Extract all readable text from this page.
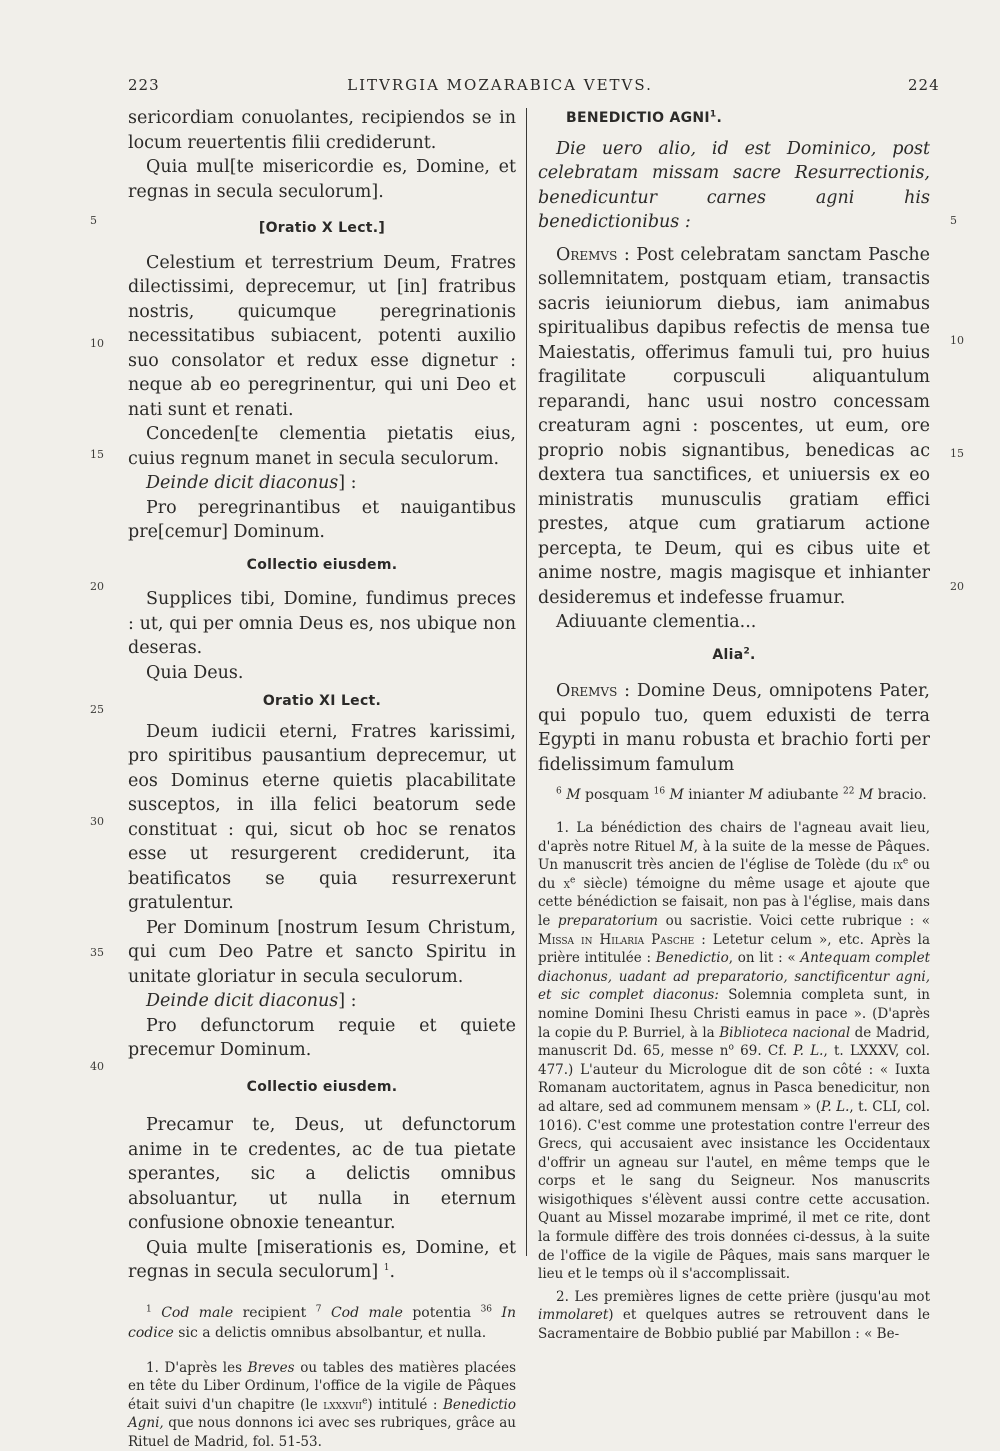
223	LITVRGIA MOZARABICA VETVS.	224
5
10
15
20
25
30
35
40
5
10
15
20

sericordiam conuolantes, recipiendos se in locum reuertentis filii crediderunt.

Quia mul[te misericordie es, Domine, et regnas in secula seculorum].

[Oratio X Lect.]

Celestium et terrestrium Deum, Fratres dilectissimi, deprecemur, ut [in] fratribus nostris, quicumque peregrinationis necessitatibus subiacent, potenti auxilio suo consolator et redux esse dignetur : neque ab eo peregrinentur, qui uni Deo et nati sunt et renati.

Conceden[te clementia pietatis eius, cuius regnum manet in secula seculorum.

Deinde dicit diaconus] :

Pro peregrinantibus et nauigantibus pre[cemur] Dominum.

Collectio eiusdem.

Supplices tibi, Domine, fundimus preces : ut, qui per omnia Deus es, nos ubique non deseras.

Quia Deus.

Oratio XI Lect.

Deum iudicii eterni, Fratres karissimi, pro spiritibus pausantium deprecemur, ut eos Dominus eterne quietis placabilitate susceptos, in illa felici beatorum sede constituat : qui, sicut ob hoc se renatos esse ut resurgerent crediderunt, ita beatificatos se quia resurrexerunt gratulentur.

Per Dominum [nostrum Iesum Christum, qui cum Deo Patre et sancto Spiritu in unitate gloriatur in secula seculorum.

Deinde dicit diaconus] :

Pro defunctorum requie et quiete precemur Dominum.

Collectio eiusdem.

Precamur te, Deus, ut defunctorum anime in te credentes, ac de tua pietate sperantes, sic a delictis omnibus absoluantur, ut nulla in eternum confusione obnoxie teneantur.

Quia multe [miserationis es, Domine, et regnas in secula seculorum] $^1$.

$^1$ Cod male recipient $^7$ Cod male potentia $^{36}$ In codice sic a delictis omnibus absolbantur, et nulla.

1. D'après les Breves ou tables des matières placées en tête du Liber Ordinum, l'office de la vigile de Pâques était suivi d'un chapitre (le lxxxvii$^e$) intitulé : Benedictio Agni, que nous donnons ici avec ses rubriques, grâce au Rituel de Madrid, fol. 51-53.

BENEDICTIO AGNI$^1$.

Die uero alio, id est Dominico, post celebratam missam sacre Resurrectionis, benedicuntur carnes agni his benedictionibus :

Oremvs : Post celebratam sanctam Pasche sollemnitatem, postquam etiam, transactis sacris ieiuniorum diebus, iam animabus spiritualibus dapibus refectis de mensa tue Maiestatis, offerimus famuli tui, pro huius fragilitate corpusculi aliquantulum reparandi, hanc usui nostro concessam creaturam agni : poscentes, ut eum, ore proprio nobis signantibus, benedicas ac dextera tua sanctifices, et uniuersis ex eo ministratis munusculis gratiam effici prestes, atque cum gratiarum actione percepta, te Deum, qui es cibus uite et anime nostre, magis magisque et inhianter desideremus et indefesse fruamur.

Adiuuante clementia...

Alia$^2$.

Oremvs : Domine Deus, omnipotens Pater, qui populo tuo, quem eduxisti de terra Egypti in manu robusta et brachio forti per fidelissimum famulum

$^6$ M posquam $^{16}$ M inianter M adiubante $^{22}$ M bracio.

1. La bénédiction des chairs de l'agneau avait lieu, d'après notre Rituel M, à la suite de la messe de Pâques. Un manuscrit très ancien de l'église de Tolède (du $ix^e$ ou du $x^e$ siècle) témoigne du même usage et ajoute que cette bénédiction se faisait, non pas à l'église, mais dans le preparatorium ou sacristie. Voici cette rubrique : « Missa in Hilaria Pasche : Letetur celum », etc. Après la prière intitulée : Benedictio, on lit : « Antequam complet diachonus, uadant ad preparatorio, sanctificentur agni, et sic complet diaconus: Solemnia completa sunt, in nomine Domini Ihesu Christi eamus in pace ». (D'après la copie du P. Burriel, à la Biblioteca nacional de Madrid, manuscrit Dd. 65, messe $n^o$ 69. Cf. P. L., t. LXXXV, col. 477.) L'auteur du Micrologue dit de son côté : « Iuxta Romanam auctoritatem, agnus in Pasca benedicitur, non ad altare, sed ad communem mensam » (P. L., t. CLI, col. 1016). C'est comme une protestation contre l'erreur des Grecs, qui accusaient avec insistance les Occidentaux d'offrir un agneau sur l'autel, en même temps que le corps et le sang du Seigneur. Nos manuscrits wisigothiques s'élèvent aussi contre cette accusation. Quant au Missel mozarabe imprimé, il met ce rite, dont la formule diffère des trois données ci-dessus, à la suite de l'office de la vigile de Pâques, mais sans marquer le lieu et le temps où il s'accomplissait.

2. Les premières lignes de cette prière (jusqu'au mot immolaret) et quelques autres se retrouvent dans le Sacramentaire de Bobbio publié par Mabillon : « Be-
